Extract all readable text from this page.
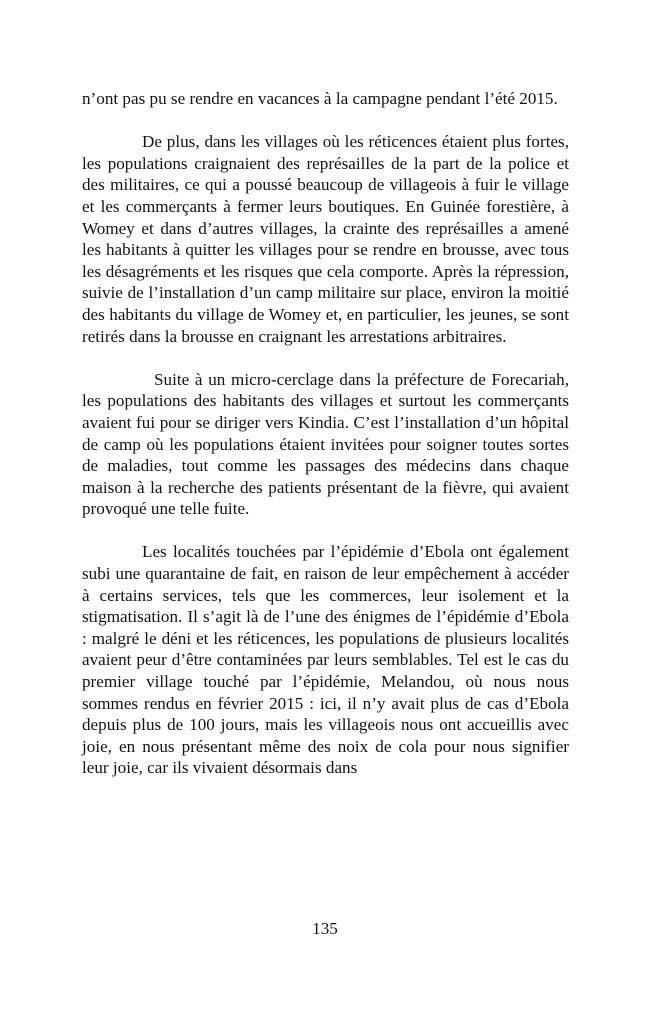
n’ont pas pu se rendre en vacances à la campagne pendant l’été 2015.

De plus, dans les villages où les réticences étaient plus fortes, les populations craignaient des représailles de la part de la police et des militaires, ce qui a poussé beaucoup de villageois à fuir le village et les commerçants à fermer leurs boutiques. En Guinée forestière, à Womey et dans d’autres villages, la crainte des représailles a amené les habitants à quitter les villages pour se rendre en brousse, avec tous les désagréments et les risques que cela comporte. Après la répression, suivie de l’installation d’un camp militaire sur place, environ la moitié des habitants du village de Womey et, en particulier, les jeunes, se sont retirés dans la brousse en craignant les arrestations arbitraires.

Suite à un micro-cerclage dans la préfecture de Forecariah, les populations des habitants des villages et surtout les commerçants avaient fui pour se diriger vers Kindia. C’est l’installation d’un hôpital de camp où les populations étaient invitées pour soigner toutes sortes de maladies, tout comme les passages des médecins dans chaque maison à la recherche des patients présentant de la fièvre, qui avaient provoqué une telle fuite.

Les localités touchées par l’épidémie d’Ebola ont également subi une quarantaine de fait, en raison de leur empêchement à accéder à certains services, tels que les commerces, leur isolement et la stigmatisation. Il s’agit là de l’une des énigmes de l’épidémie d’Ebola : malgré le déni et les réticences, les populations de plusieurs localités avaient peur d’être contaminées par leurs semblables. Tel est le cas du premier village touché par l’épidémie, Melandou, où nous nous sommes rendus en février 2015 : ici, il n’y avait plus de cas d’Ebola depuis plus de 100 jours, mais les villageois nous ont accueillis avec joie, en nous présentant même des noix de cola pour nous signifier leur joie, car ils vivaient désormais dans

135
